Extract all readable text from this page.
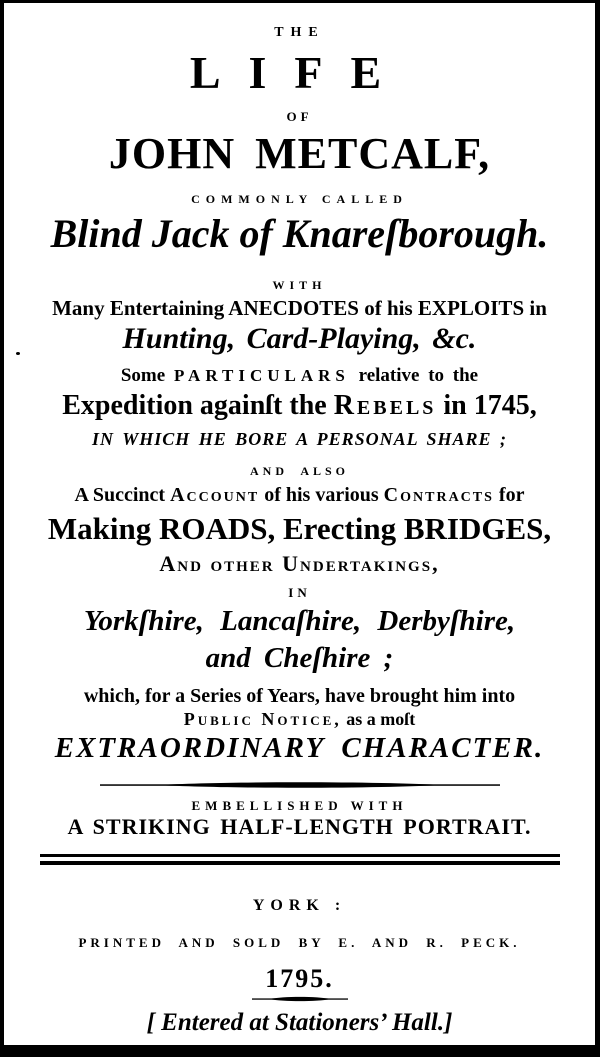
THE
LIFE
OF
JOHN METCALF,
COMMONLY CALLED
Blind Jack of Knareſborough.
WITH
Many Entertaining ANECDOTES of his EXPLOITS in
Hunting, Card-Playing, &c.
Some PARTICULARS relative to the
Expedition againſt the Rebels in 1745,
IN WHICH HE BORE A PERSONAL SHARE ;
AND ALSO
A Succinct Account of his various Contracts for
Making ROADS, Erecting BRIDGES,
And other Undertakings,
IN
Yorkſhire, Lancaſhire, Derbyſhire,
and Cheſhire ;
which, for a Series of Years, have brought him into
Public Notice, as a moſt
EXTRAORDINARY CHARACTER.
EMBELLISHED WITH
A STRIKING HALF-LENGTH PORTRAIT.
YORK :
PRINTED AND SOLD BY E. AND R. PECK.
1795.
[ Entered at Stationers’ Hall.]
